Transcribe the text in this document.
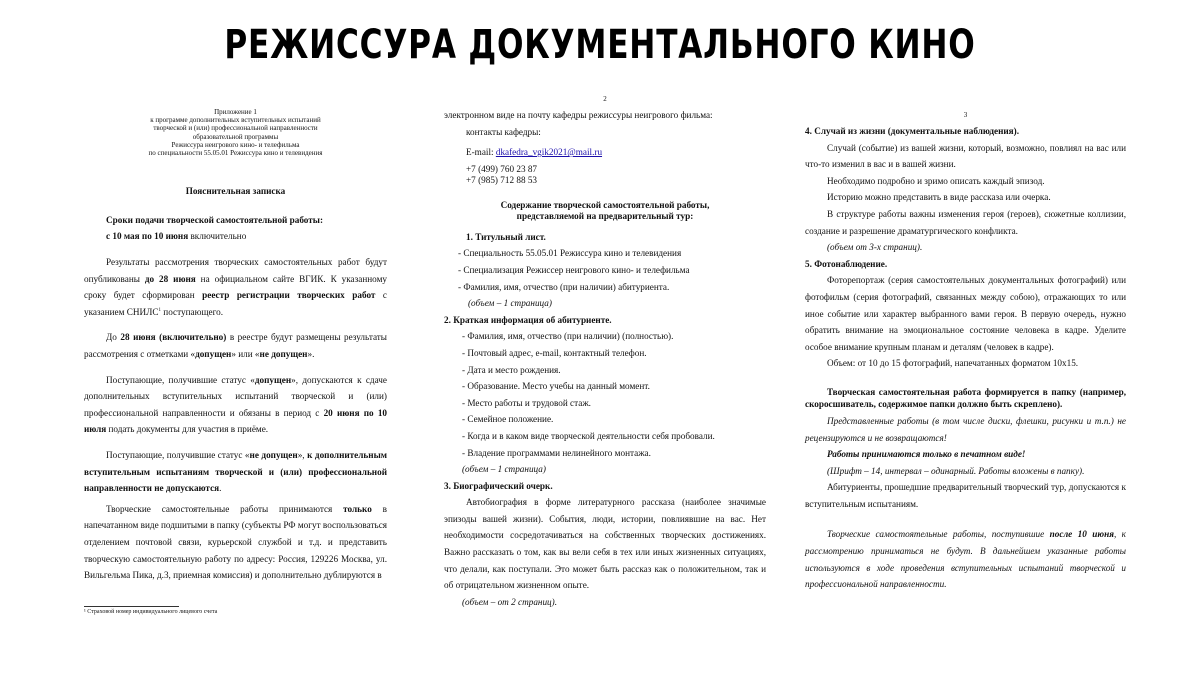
РЕЖИССУРА ДОКУМЕНТАЛЬНОГО КИНО
Приложение 1
к программе дополнительных вступительных испытаний
творческой и (или) профессиональной направленности
образовательной программы
Режиссура неигрового кино- и телефильма
по специальности 55.05.01 Режиссура кино и телевидения
Пояснительная записка
Сроки подачи творческой самостоятельной работы:
с 10 мая по 10 июня включительно
Результаты рассмотрения творческих самостоятельных работ будут опубликованы до 28 июня на официальном сайте ВГИК. К указанному сроку будет сформирован реестр регистрации творческих работ с указанием СНИЛС$^1$ поступающего.
До 28 июня (включительно) в реестре будут размещены результаты рассмотрения с отметками «допущен» или «не допущен».
Поступающие, получившие статус «допущен», допускаются к сдаче дополнительных вступительных испытаний творческой и (или) профессиональной направленности и обязаны в период с 20 июня по 10 июля подать документы для участия в приёме.
Поступающие, получившие статус «не допущен», к дополнительным вступительным испытаниям творческой и (или) профессиональной направленности не допускаются.
Творческие самостоятельные работы принимаются только в напечатанном виде подшитыми в папку (субъекты РФ могут воспользоваться отделением почтовой связи, курьерской службой и т.д. и представить творческую самостоятельную работу по адресу: Россия, 129226 Москва, ул. Вильгельма Пика, д.3, приемная комиссия) и дополнительно дублируются в
¹ Страховой номер индивидуального лицевого счета
2
электронном виде на почту кафедры режиссуры неигрового фильма:
контакты кафедры:
E-mail: dkafedra_vgik2021@mail.ru
+7 (499) 760 23 87
+7 (985) 712 88 53
Содержание творческой самостоятельной работы,
представляемой на предварительный тур:
1. Титульный лист.
- Специальность 55.05.01 Режиссура кино и телевидения
- Специализация Режиссер неигрового кино- и телефильма
- Фамилия, имя, отчество (при наличии) абитуриента.
(объем – 1 страница)
2. Краткая информация об абитуриенте.
- Фамилия, имя, отчество (при наличии) (полностью).
- Почтовый адрес, e-mail, контактный телефон.
- Дата и место рождения.
- Образование. Место учебы на данный момент.
- Место работы и трудовой стаж.
- Семейное положение.
- Когда и в каком виде творческой деятельности себя пробовали.
- Владение программами нелинейного монтажа.
(объем – 1 страница)
3. Биографический очерк.
Автобиография в форме литературного рассказа (наиболее значимые эпизоды вашей жизни). События, люди, истории, повлиявшие на вас. Нет необходимости сосредотачиваться на собственных творческих достижениях. Важно рассказать о том, как вы вели себя в тех или иных жизненных ситуациях, что делали, как поступали. Это может быть рассказ как о положительном, так и об отрицательном жизненном опыте.
(объем – от 2 страниц).
3
4. Случай из жизни (документальные наблюдения).
Случай (событие) из вашей жизни, который, возможно, повлиял на вас или что-то изменил в вас и в вашей жизни.
Необходимо подробно и зримо описать каждый эпизод.
Историю можно представить в виде рассказа или очерка.
В структуре работы важны изменения героя (героев), сюжетные коллизии, создание и разрешение драматургического конфликта.
(объем от 3-х страниц).
5. Фотонаблюдение.
Фоторепортаж (серия самостоятельных документальных фотографий) или фотофильм (серия фотографий, связанных между собою), отражающих то или иное событие или характер выбранного вами героя. В первую очередь, нужно обратить внимание на эмоциональное состояние человека в кадре. Уделите особое внимание крупным планам и деталям (человек в кадре).
Объем: от 10 до 15 фотографий, напечатанных форматом 10х15.
Творческая самостоятельная работа формируется в папку (например, скоросшиватель, содержимое папки должно быть скреплено).
Представленные работы (в том числе диски, флешки, рисунки и т.п.) не рецензируются и не возвращаются!
Работы принимаются только в печатном виде!
(Шрифт – 14, интервал – одинарный. Работы вложены в папку).
Абитуриенты, прошедшие предварительный творческий тур, допускаются к вступительным испытаниям.
Творческие самостоятельные работы, поступившие после 10 июня, к рассмотрению приниматься не будут. В дальнейшем указанные работы используются в ходе проведения вступительных испытаний творческой и профессиональной направленности.
